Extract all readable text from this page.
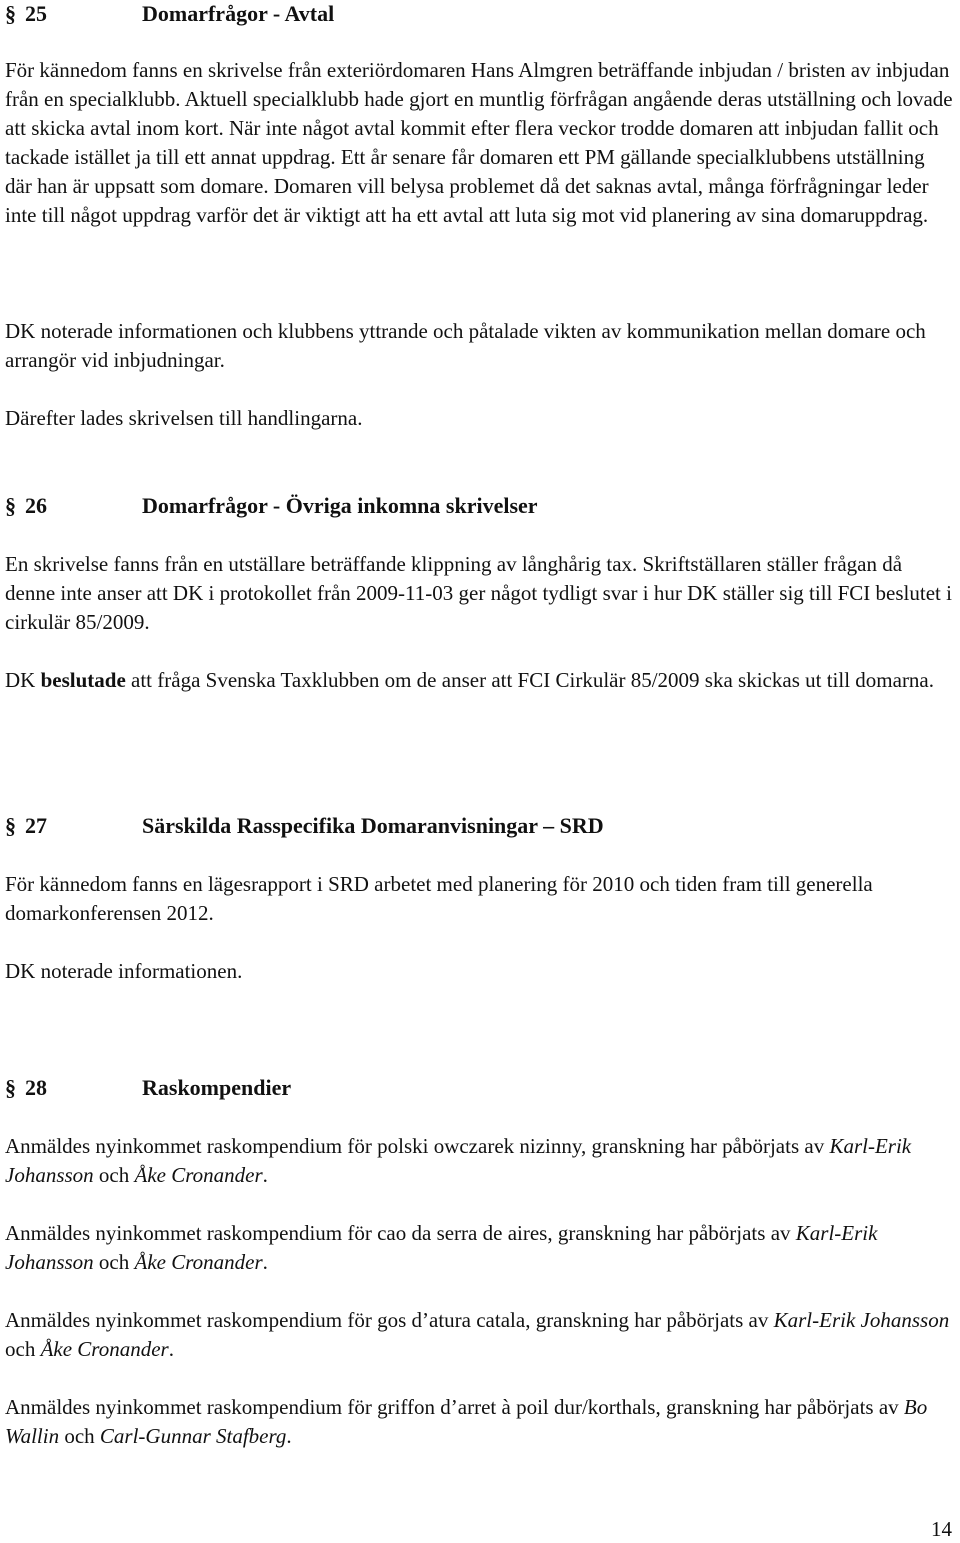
§ 25	Domarfrågor - Avtal

För kännedom fanns en skrivelse från exteriördomaren Hans Almgren beträffande inbjudan / bristen av inbjudan från en specialklubb. Aktuell specialklubb hade gjort en muntlig förfrågan angående deras utställning och lovade att skicka avtal inom kort. När inte något avtal kommit efter flera veckor trodde domaren att inbjudan fallit och tackade istället ja till ett annat uppdrag. Ett år senare får domaren ett PM gällande specialklubbens utställning där han är uppsatt som domare. Domaren vill belysa problemet då det saknas avtal, många förfrågningar leder inte till något uppdrag varför det är viktigt att ha ett avtal att luta sig mot vid planering av sina domaruppdrag.

DK noterade informationen och klubbens yttrande och påtalade vikten av kommunikation mellan domare och arrangör vid inbjudningar.

Därefter lades skrivelsen till handlingarna.

§ 26	Domarfrågor - Övriga inkomna skrivelser

En skrivelse fanns från en utställare beträffande klippning av långhårig tax. Skriftställaren ställer frågan då denne inte anser att DK i protokollet från 2009-11-03 ger något tydligt svar i hur DK ställer sig till FCI beslutet i cirkulär 85/2009.

DK beslutade att fråga Svenska Taxklubben om de anser att FCI Cirkulär 85/2009 ska skickas ut till domarna.

§ 27	Särskilda Rasspecifika Domaranvisningar – SRD

För kännedom fanns en lägesrapport i SRD arbetet med planering för 2010 och tiden fram till generella domarkonferensen 2012.

DK noterade informationen.

§ 28	Raskompendier

Anmäldes nyinkommet raskompendium för polski owczarek nizinny, granskning har påbörjats av Karl-Erik Johansson och Åke Cronander.

Anmäldes nyinkommet raskompendium för cao da serra de aires, granskning har påbörjats av Karl-Erik Johansson och Åke Cronander.

Anmäldes nyinkommet raskompendium för gos d’atura catala, granskning har påbörjats av Karl-Erik Johansson och Åke Cronander.

Anmäldes nyinkommet raskompendium för griffon d’arret à poil dur/korthals, granskning har påbörjats av Bo Wallin och Carl-Gunnar Stafberg.

14
